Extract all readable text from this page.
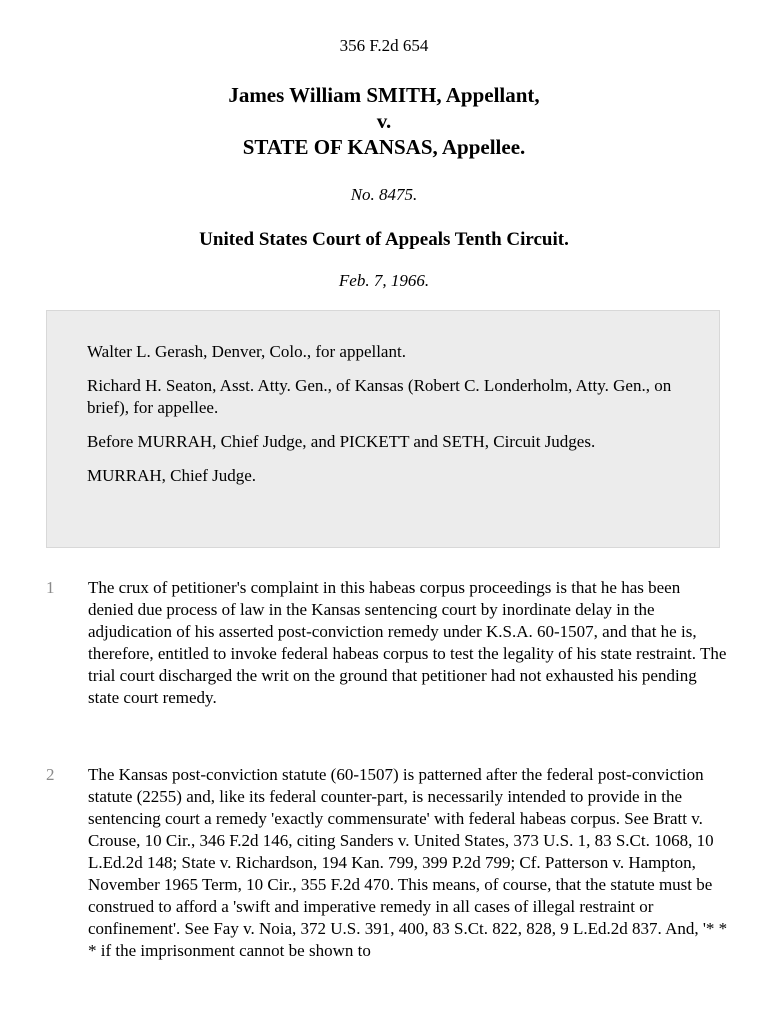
356 F.2d 654
James William SMITH, Appellant,
v.
STATE OF KANSAS, Appellee.
No. 8475.
United States Court of Appeals Tenth Circuit.
Feb. 7, 1966.

Walter L. Gerash, Denver, Colo., for appellant.

Richard H. Seaton, Asst. Atty. Gen., of Kansas (Robert C. Londerholm, Atty. Gen., on brief), for appellee.

Before MURRAH, Chief Judge, and PICKETT and SETH, Circuit Judges.

MURRAH, Chief Judge.

1 The crux of petitioner's complaint in this habeas corpus proceedings is that he has been denied due process of law in the Kansas sentencing court by inordinate delay in the adjudication of his asserted post-conviction remedy under K.S.A. 60-1507, and that he is, therefore, entitled to invoke federal habeas corpus to test the legality of his state restraint. The trial court discharged the writ on the ground that petitioner had not exhausted his pending state court remedy.

2 The Kansas post-conviction statute (60-1507) is patterned after the federal post-conviction statute (2255) and, like its federal counter-part, is necessarily intended to provide in the sentencing court a remedy 'exactly commensurate' with federal habeas corpus. See Bratt v. Crouse, 10 Cir., 346 F.2d 146, citing Sanders v. United States, 373 U.S. 1, 83 S.Ct. 1068, 10 L.Ed.2d 148; State v. Richardson, 194 Kan. 799, 399 P.2d 799; Cf. Patterson v. Hampton, November 1965 Term, 10 Cir., 355 F.2d 470. This means, of course, that the statute must be construed to afford a 'swift and imperative remedy in all cases of illegal restraint or confinement'. See Fay v. Noia, 372 U.S. 391, 400, 83 S.Ct. 822, 828, 9 L.Ed.2d 837. And, '* * * if the imprisonment cannot be shown to
